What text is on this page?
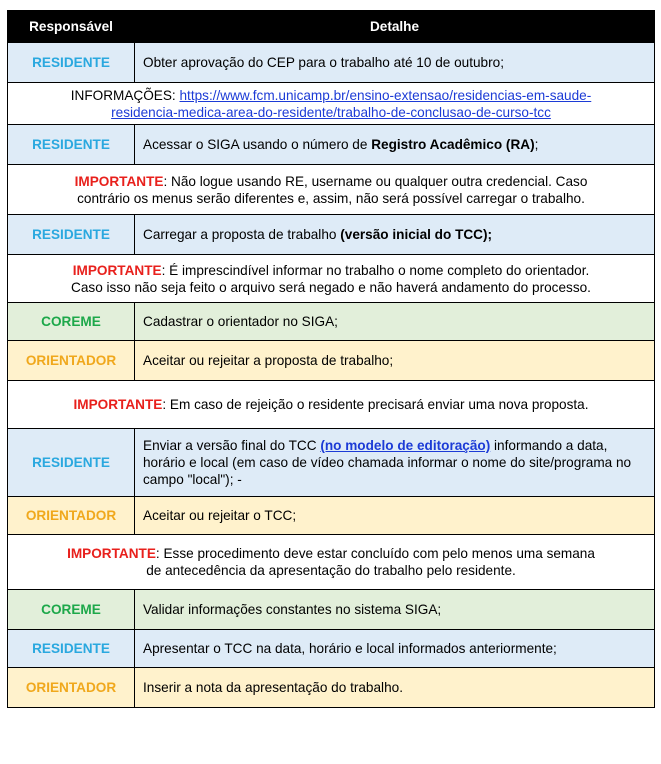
Responsável	Detalhe
RESIDENTE	Obter aprovação do CEP para o trabalho até 10 de outubro;
INFORMAÇÕES: https://www.fcm.unicamp.br/ensino-extensao/residencias-em-saude-
residencia-medica-area-do-residente/trabalho-de-conclusao-de-curso-tcc	
RESIDENTE	Acessar o SIGA usando o número de Registro Acadêmico (RA);
IMPORTANTE: Não logue usando RE, username ou qualquer outra credencial. Caso
contrário os menus serão diferentes e, assim, não será possível carregar o trabalho.	
RESIDENTE	Carregar a proposta de trabalho (versão inicial do TCC);
IMPORTANTE: É imprescindível informar no trabalho o nome completo do orientador.
Caso isso não seja feito o arquivo será negado e não haverá andamento do processo.	
COREME	Cadastrar o orientador no SIGA;
ORIENTADOR	Aceitar ou rejeitar a proposta de trabalho;
IMPORTANTE: Em caso de rejeição o residente precisará enviar uma nova proposta.	
RESIDENTE	Enviar a versão final do TCC (no modelo de editoração) informando a data, horário e local (em caso de vídeo chamada informar o nome do site/programa no campo "local"); -
ORIENTADOR	Aceitar ou rejeitar o TCC;
IMPORTANTE: Esse procedimento deve estar concluído com pelo menos uma semana
de antecedência da apresentação do trabalho pelo residente.	
COREME	Validar informações constantes no sistema SIGA;
RESIDENTE	Apresentar o TCC na data, horário e local informados anteriormente;
ORIENTADOR	Inserir a nota da apresentação do trabalho.
